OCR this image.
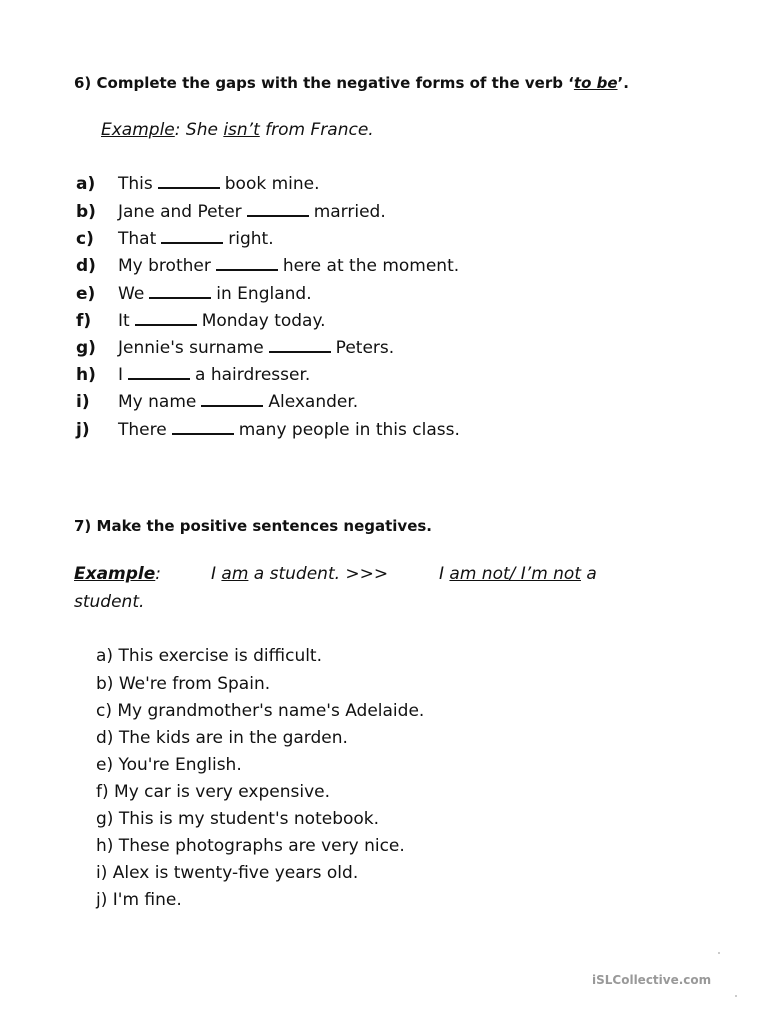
6) Complete the gaps with the negative forms of the verb ‘to be’.
Example: She isn’t from France.
a) This	book mine.
b) Jane and Peter	married.
c) That	right.
d) My brother	here at the moment.
e) We	in England.
f) It	Monday today.
g) Jennie's surname	Peters.
h) I	a hairdresser.
i) My name	Alexander.
j) There	many people in this class.
7) Make the positive sentences negatives.
Example:	I am a student. >>>	I am not/ I’m not a
student.
a) This exercise is difficult.
b) We're from Spain.
c) My grandmother's name's Adelaide.
d) The kids are in the garden.
e) You're English.
f) My car is very expensive.
g) This is my student's notebook.
h) These photographs are very nice.
i) Alex is twenty-five years old.
j) I'm fine.
iSLCollective.com
